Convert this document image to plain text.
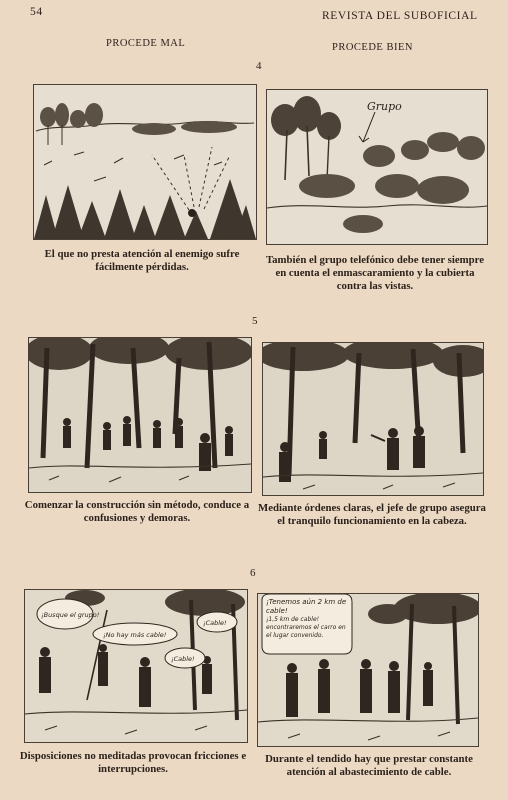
54	REVISTA DEL SUBOFICIAL
PROCEDE MAL	PROCEDE BIEN
4
Grupo
El que no presta atención al enemigo sufre fácilmente pérdidas.
También el grupo telefónico debe tener siempre en cuenta el enmascaramiento y la cubierta contra las vistas.
5
Comenzar la construcción sin método, conduce a confusiones y demoras.
Mediante órdenes claras, el jefe de grupo asegura el tranquilo funcionamiento en la cabeza.
6
¡Busque el grupo!
¡No hay más cable!
¡Cable!
¡Cable!
¡Tenemos aún 2 km de cable!
¡1,5 km de cable! encontraremos el carro en el lugar convenido.
Disposiciones no meditadas provocan fricciones e interrupciones.
Durante el tendido hay que prestar constante atención al abastecimiento de cable.
